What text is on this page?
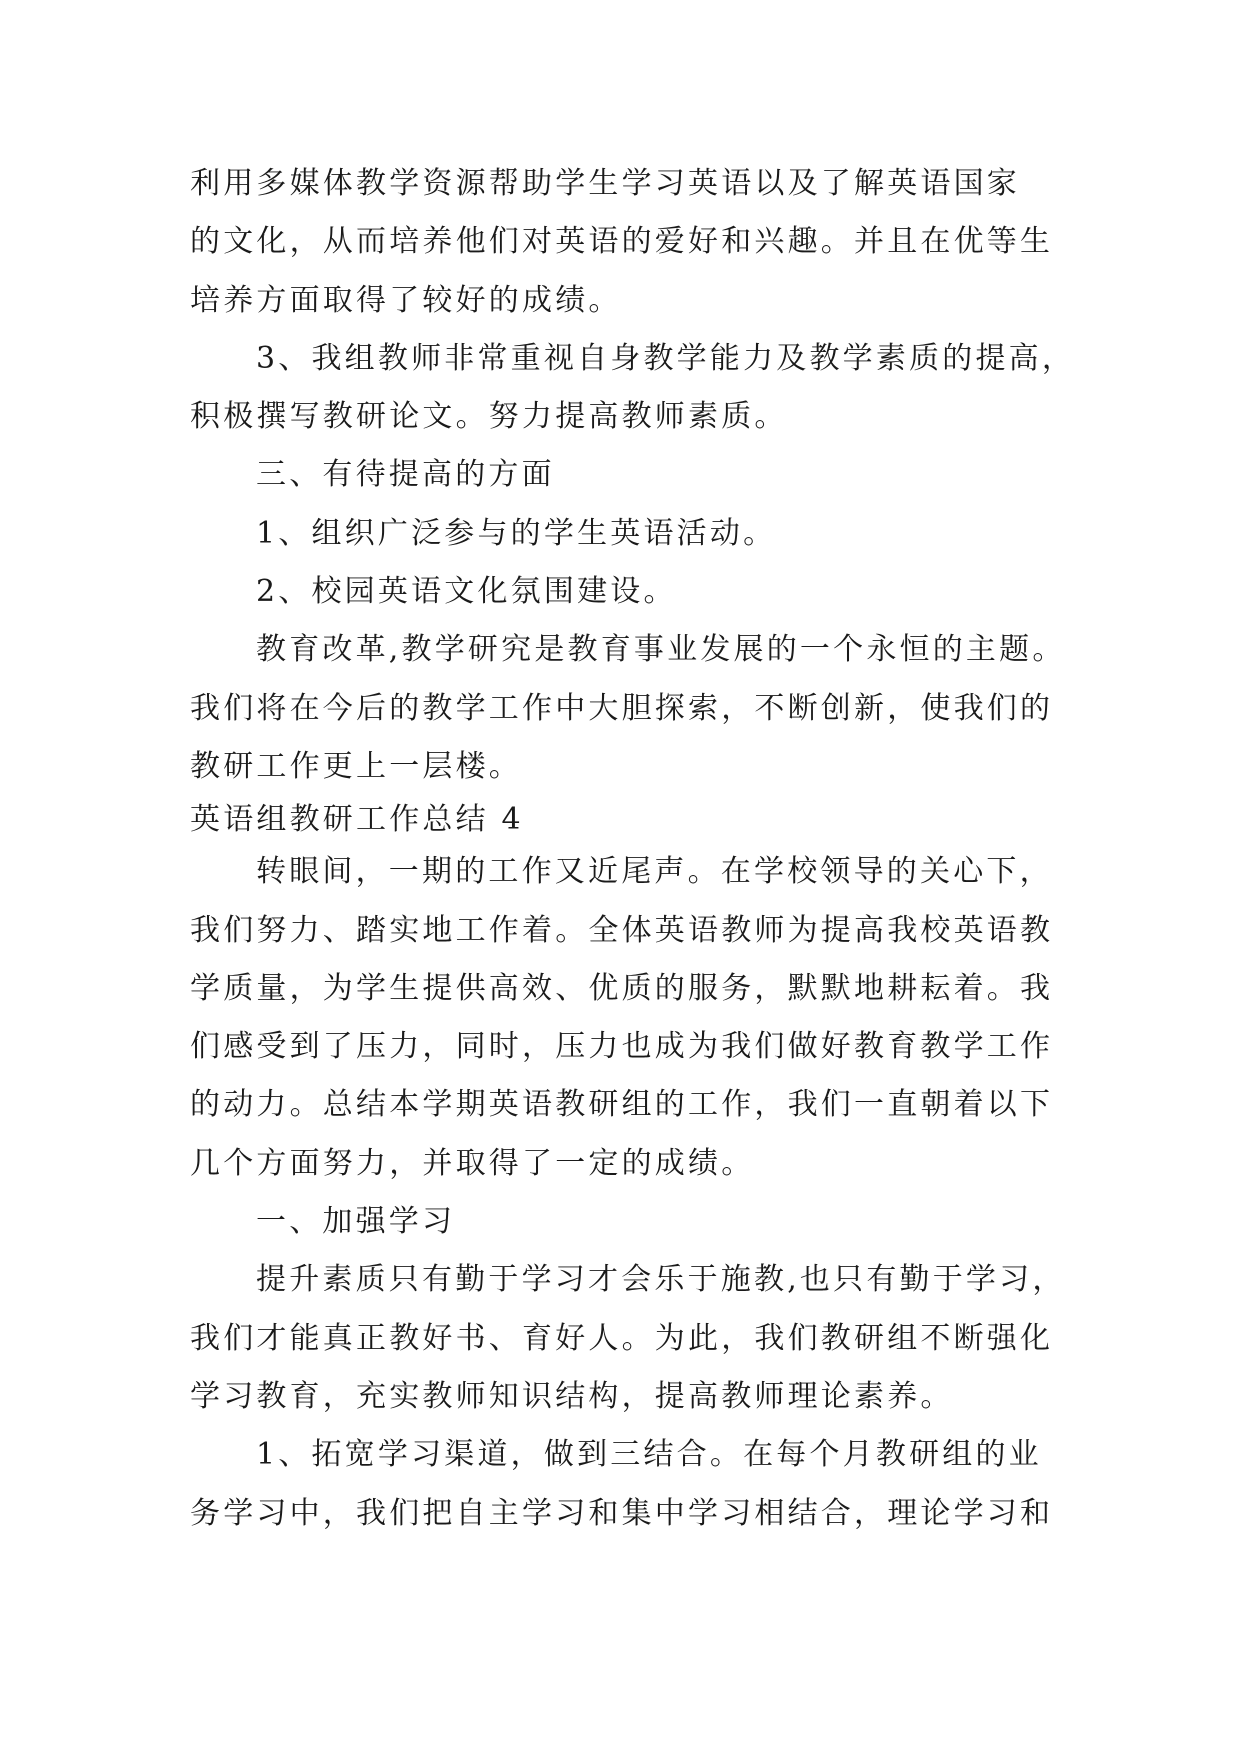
利用多媒体教学资源帮助学生学习英语以及了解英语国家
的文化，从而培养他们对英语的爱好和兴趣。并且在优等生
培养方面取得了较好的成绩。
3、我组教师非常重视自身教学能力及教学素质的提高，
积极撰写教研论文。努力提高教师素质。
三、有待提高的方面
1、组织广泛参与的学生英语活动。
2、校园英语文化氛围建设。
教育改革,教学研究是教育事业发展的一个永恒的主题。
我们将在今后的教学工作中大胆探索，不断创新，使我们的
教研工作更上一层楼。
英语组教研工作总结 4
转眼间，一期的工作又近尾声。在学校领导的关心下，
我们努力、踏实地工作着。全体英语教师为提高我校英语教
学质量，为学生提供高效、优质的服务，默默地耕耘着。我
们感受到了压力，同时，压力也成为我们做好教育教学工作
的动力。总结本学期英语教研组的工作，我们一直朝着以下
几个方面努力，并取得了一定的成绩。
一、加强学习
提升素质只有勤于学习才会乐于施教,也只有勤于学习，
我们才能真正教好书、育好人。为此，我们教研组不断强化
学习教育，充实教师知识结构，提高教师理论素养。
1、拓宽学习渠道，做到三结合。在每个月教研组的业
务学习中，我们把自主学习和集中学习相结合，理论学习和
